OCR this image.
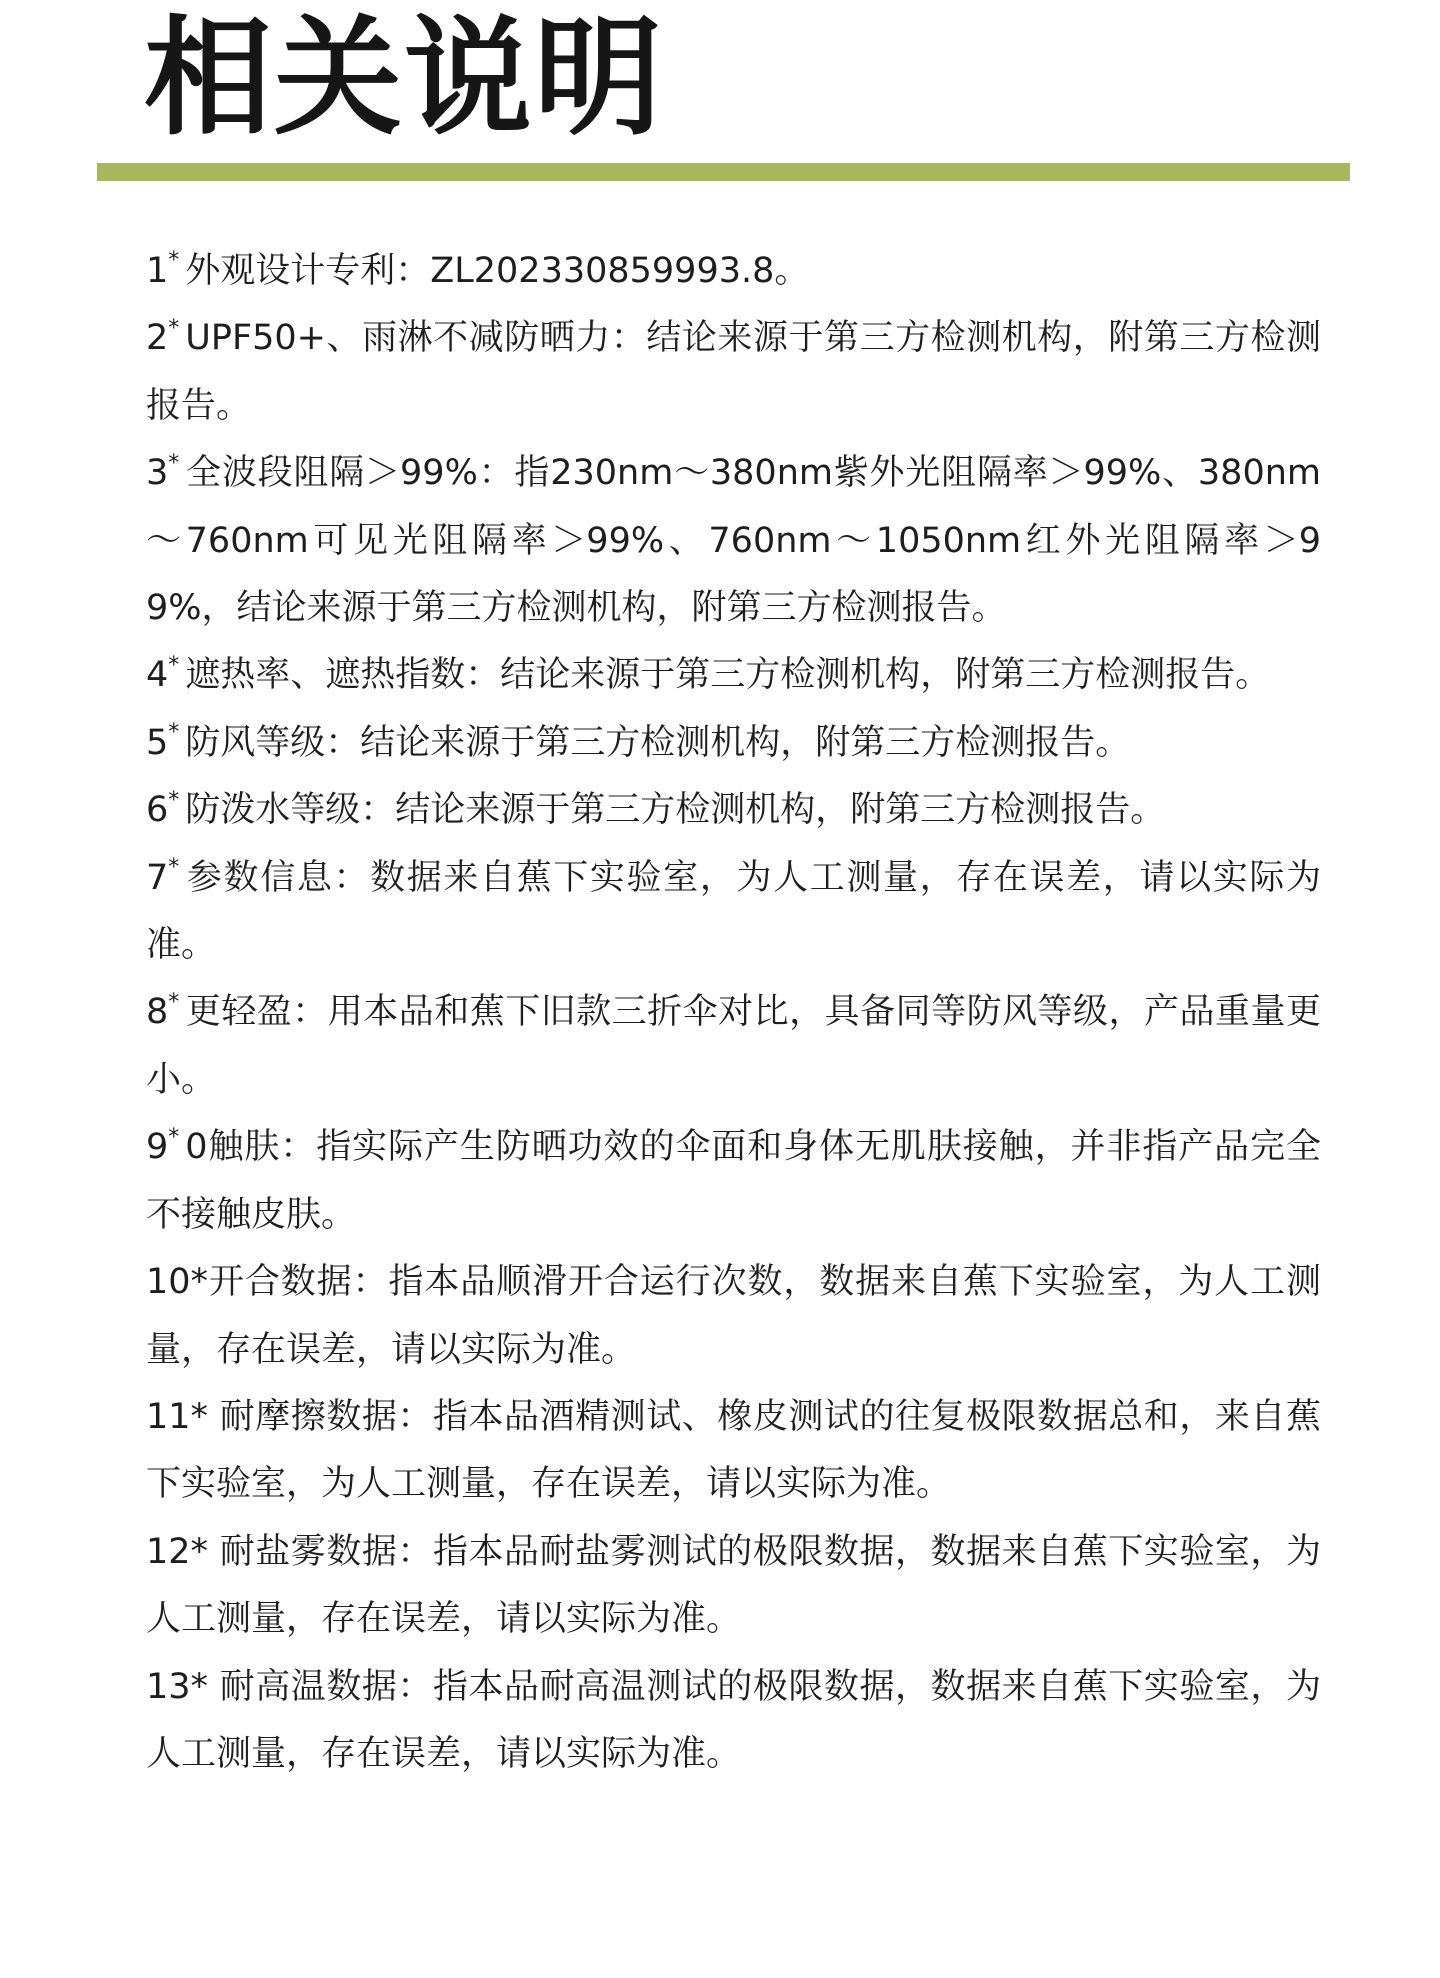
相关说明
1* 外观设计专利：ZL202330859993.8。
2* UPF50+、雨淋不减防晒力：结论来源于第三方检测机构，附第三方检测报告。
3* 全波段阻隔＞99%：指230nm～380nm紫外光阻隔率＞99%、380nm～760nm可见光阻隔率＞99%、760nm～1050nm红外光阻隔率＞99%，结论来源于第三方检测机构，附第三方检测报告。
4* 遮热率、遮热指数：结论来源于第三方检测机构，附第三方检测报告。
5* 防风等级：结论来源于第三方检测机构，附第三方检测报告。
6* 防泼水等级：结论来源于第三方检测机构，附第三方检测报告。
7* 参数信息：数据来自蕉下实验室，为人工测量，存在误差，请以实际为准。
8* 更轻盈：用本品和蕉下旧款三折伞对比，具备同等防风等级，产品重量更小。
9* 0触肤：指实际产生防晒功效的伞面和身体无肌肤接触，并非指产品完全不接触皮肤。
10*开合数据：指本品顺滑开合运行次数，数据来自蕉下实验室，为人工测量，存在误差，请以实际为准。
11* 耐摩擦数据：指本品酒精测试、橡皮测试的往复极限数据总和，来自蕉下实验室，为人工测量，存在误差，请以实际为准。
12* 耐盐雾数据：指本品耐盐雾测试的极限数据，数据来自蕉下实验室，为人工测量，存在误差，请以实际为准。
13* 耐高温数据：指本品耐高温测试的极限数据，数据来自蕉下实验室，为人工测量，存在误差，请以实际为准。
